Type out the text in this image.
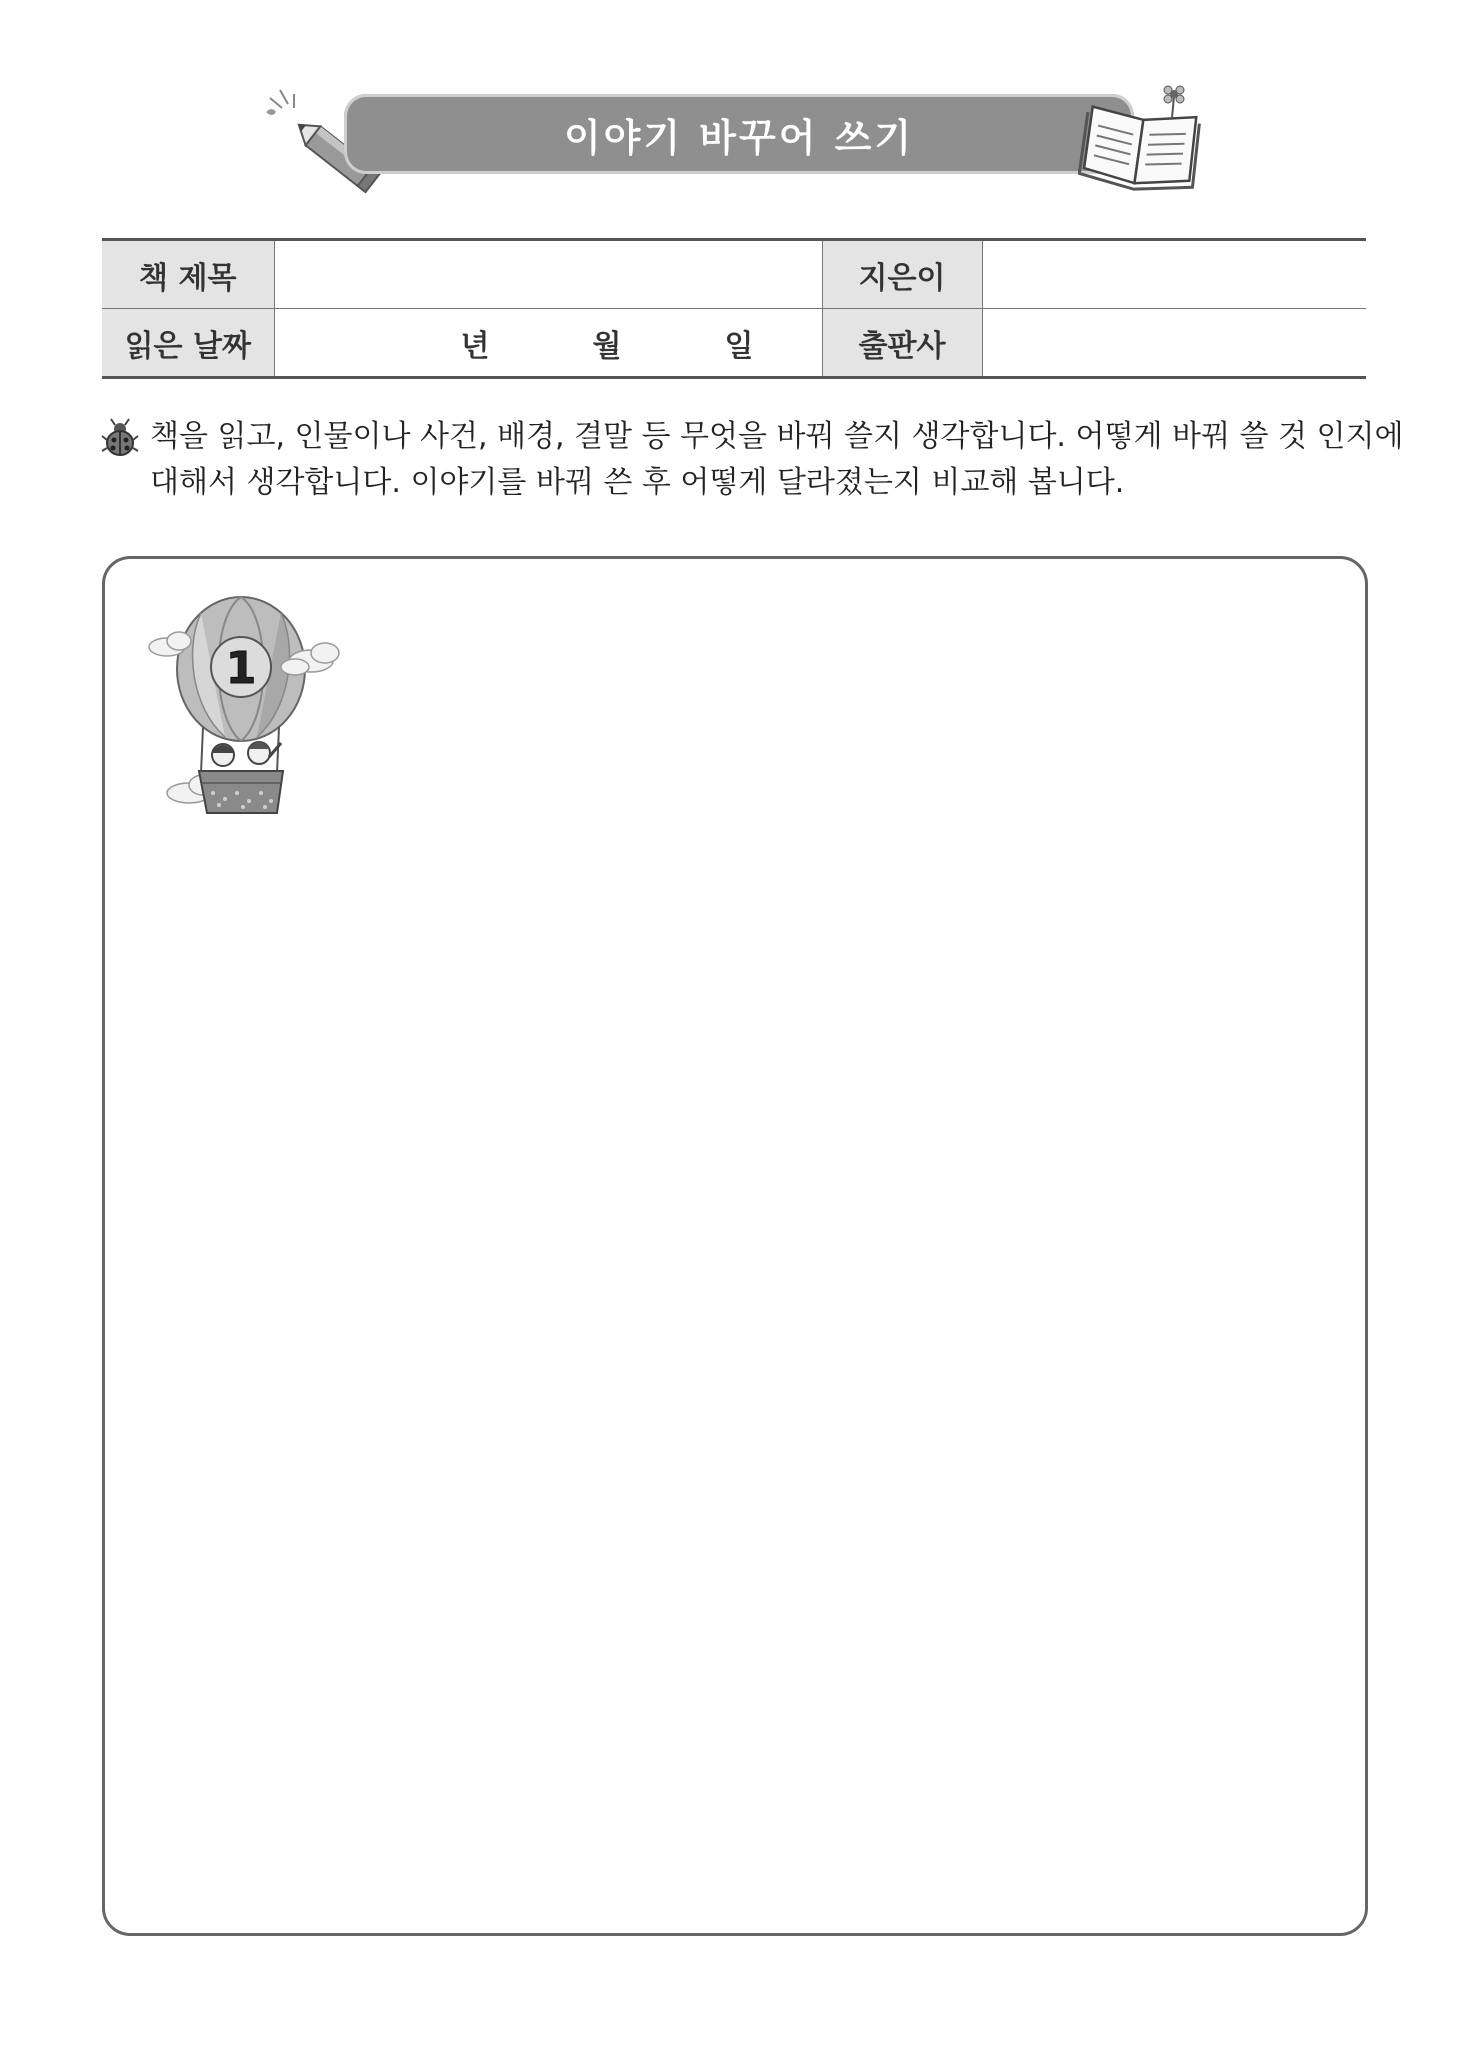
이야기 바꾸어 쓰기
책 제목		지은이	
읽은 날짜	년 월 일	출판사	
책을 읽고, 인물이나 사건, 배경, 결말 등 무엇을 바꿔 쓸지 생각합니다. 어떻게 바꿔 쓸 것 인지에
대해서 생각합니다. 이야기를 바꿔 쓴 후 어떻게 달라졌는지 비교해 봅니다.
1
